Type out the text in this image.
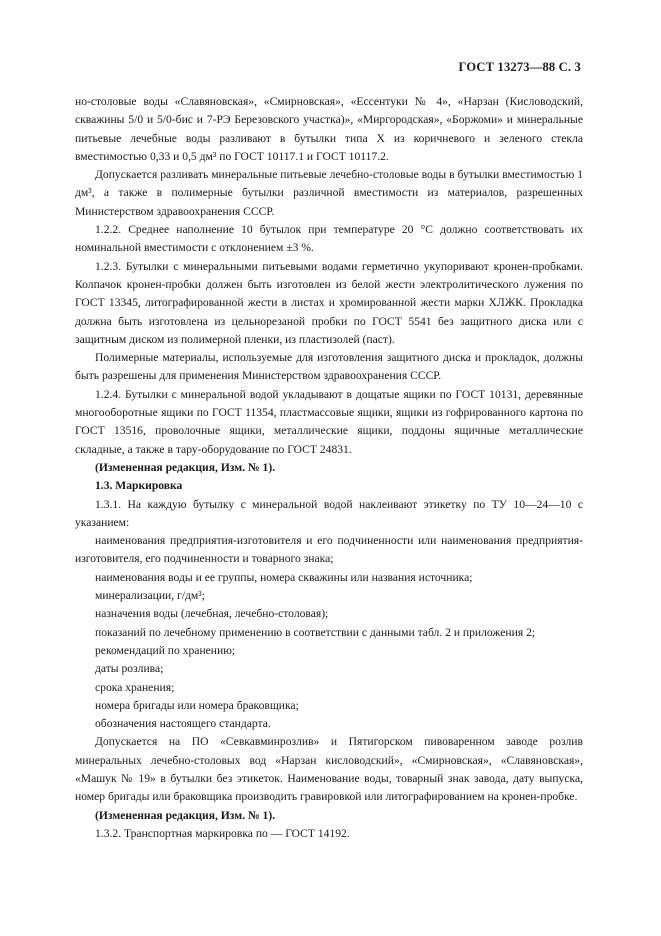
ГОСТ 13273—88 С. 3

но-столовые воды «Славяновская», «Смирновская», «Ессентуки № 4», «Нарзан (Кисловодский, скважины 5/0 и 5/0-бис и 7-РЭ Березовского участка)», «Миргородская», «Боржоми» и минеральные питьевые лечебные воды разливают в бутылки типа X из коричневого и зеленого стекла вместимостью 0,33 и 0,5 дм³ по ГОСТ 10117.1 и ГОСТ 10117.2.

Допускается разливать минеральные питьевые лечебно-столовые воды в бутылки вместимостью 1 дм³, а также в полимерные бутылки различной вместимости из материалов, разрешенных Министерством здравоохранения СССР.

1.2.2. Среднее наполнение 10 бутылок при температуре 20 °С должно соответствовать их номинальной вместимости с отклонением ±3 %.

1.2.3. Бутылки с минеральными питьевыми водами герметично укупоривают кронен-пробками. Колпачок кронен-пробки должен быть изготовлен из белой жести электролитического лужения по ГОСТ 13345, литографированной жести в листах и хромированной жести марки ХЛЖК. Прокладка должна быть изготовлена из цельнорезаной пробки по ГОСТ 5541 без защитного диска или с защитным диском из полимерной пленки, из пластизолей (паст).

Полимерные материалы, используемые для изготовления защитного диска и прокладок, должны быть разрешены для применения Министерством здравоохранения СССР.

1.2.4. Бутылки с минеральной водой укладывают в дощатые ящики по ГОСТ 10131, деревянные многооборотные ящики по ГОСТ 11354, пластмассовые ящики, ящики из гофрированного картона по ГОСТ 13516, проволочные ящики, металлические ящики, поддоны ящичные металлические складные, а также в тару-оборудование по ГОСТ 24831.

(Измененная редакция, Изм. № 1).

1.3. Маркировка

1.3.1. На каждую бутылку с минеральной водой наклеивают этикетку по ТУ 10—24—10 с указанием:

наименования предприятия-изготовителя и его подчиненности или наименования предприятия-изготовителя, его подчиненности и товарного знака;

наименования воды и ее группы, номера скважины или названия источника;

минерализации, г/дм³;

назначения воды (лечебная, лечебно-столовая);

показаний по лечебному применению в соответствии с данными табл. 2 и приложения 2;

рекомендаций по хранению;

даты розлива;

срока хранения;

номера бригады или номера браковщика;

обозначения настоящего стандарта.

Допускается на ПО «Севкавминрозлив» и Пятигорском пивоваренном заводе розлив минеральных лечебно-столовых вод «Нарзан кисловодский», «Смирновская», «Славяновская», «Машук № 19» в бутылки без этикеток. Наименование воды, товарный знак завода, дату выпуска, номер бригады или браковщика производить гравировкой или литографированием на кронен-пробке.

(Измененная редакция, Изм. № 1).

1.3.2. Транспортная маркировка по — ГОСТ 14192.
